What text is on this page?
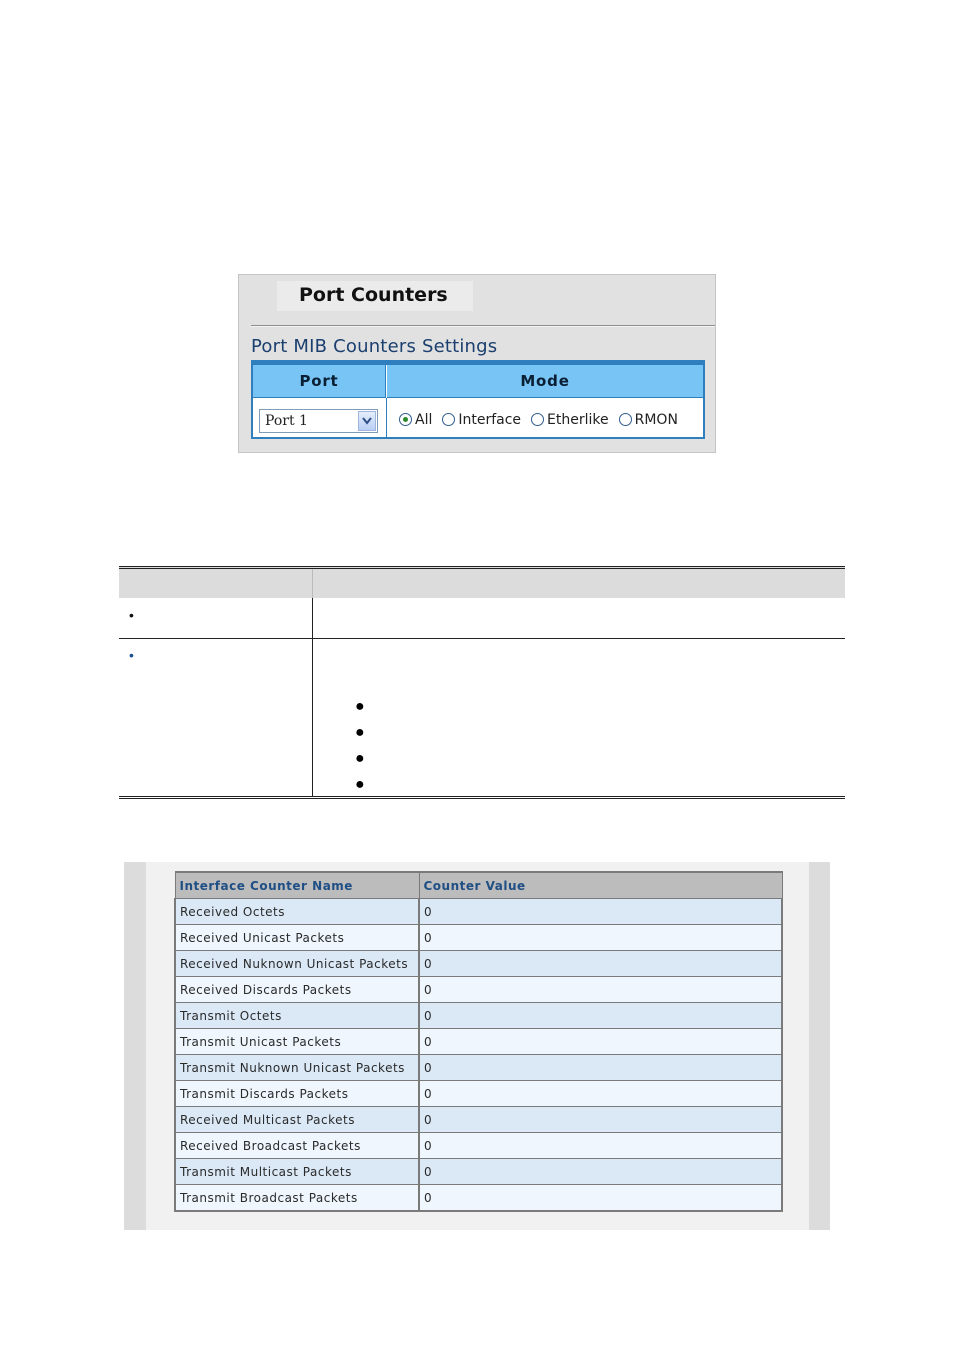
Port Counters
Port MIB Counters Settings
Port	Mode
Port 1	All Interface Etherlike RMON
•
•
●
●
●
●
Interface Counter Name	Counter Value
Received Octets	0
Received Unicast Packets	0
Received Nuknown Unicast Packets	0
Received Discards Packets	0
Transmit Octets	0
Transmit Unicast Packets	0
Transmit Nuknown Unicast Packets	0
Transmit Discards Packets	0
Received Multicast Packets	0
Received Broadcast Packets	0
Transmit Multicast Packets	0
Transmit Broadcast Packets	0
